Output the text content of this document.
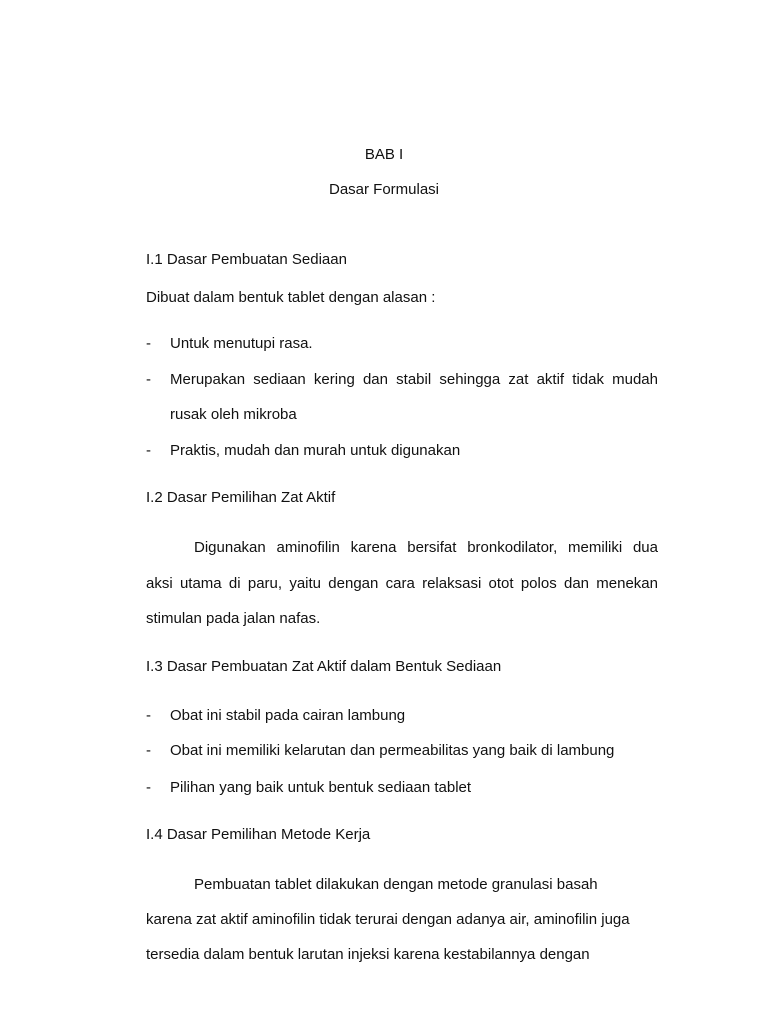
BAB I
Dasar Formulasi
I.1 Dasar Pembuatan Sediaan
Dibuat dalam bentuk tablet dengan alasan :
- Untuk menutupi rasa.
- Merupakan sediaan kering dan stabil sehingga zat aktif tidak mudah
rusak oleh mikroba
- Praktis, mudah dan murah untuk digunakan
I.2 Dasar Pemilihan Zat Aktif
Digunakan aminofilin karena bersifat bronkodilator, memiliki dua
aksi utama di paru, yaitu dengan cara relaksasi otot polos dan menekan
stimulan pada jalan nafas.
I.3 Dasar Pembuatan Zat Aktif dalam Bentuk Sediaan
- Obat ini stabil pada cairan lambung
- Obat ini memiliki kelarutan dan permeabilitas yang baik di lambung
- Pilihan yang baik untuk bentuk sediaan tablet
I.4 Dasar Pemilihan Metode Kerja
Pembuatan tablet dilakukan dengan metode granulasi basah
karena zat aktif aminofilin tidak terurai dengan adanya air, aminofilin juga
tersedia dalam bentuk larutan injeksi karena kestabilannya dengan
